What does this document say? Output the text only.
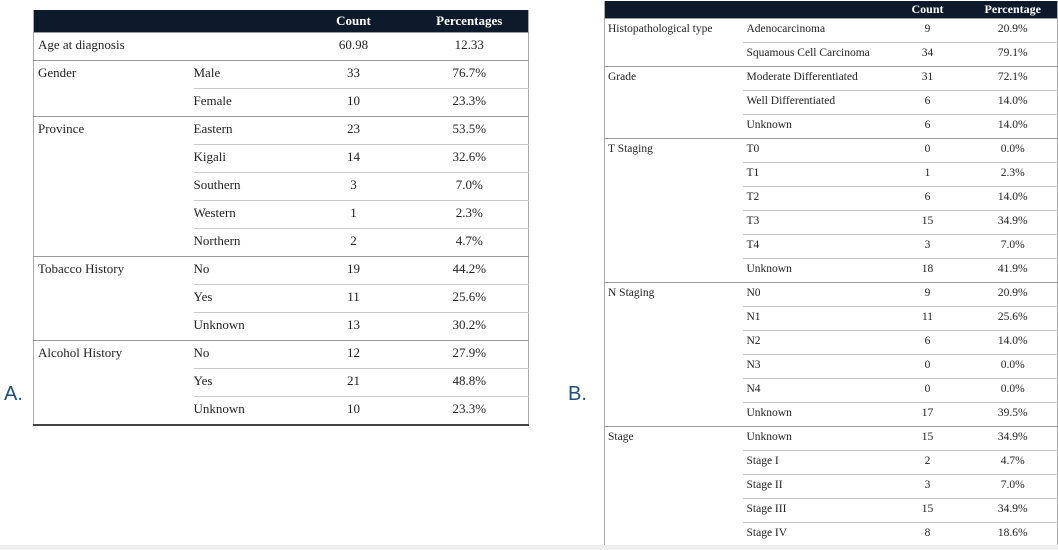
A.	B.
		Count	Percentages
Age at diagnosis		60.98	12.33
Gender	Male	33	76.7%
	Female	10	23.3%
Province	Eastern	23	53.5%
	Kigali	14	32.6%
	Southern	3	7.0%
	Western	1	2.3%
	Northern	2	4.7%
Tobacco History	No	19	44.2%
	Yes	11	25.6%
	Unknown	13	30.2%
Alcohol History	No	12	27.9%
	Yes	21	48.8%
	Unknown	10	23.3%
		Count	Percentage
Histopathological type	Adenocarcinoma	9	20.9%
	Squamous Cell Carcinoma	34	79.1%
Grade	Moderate Differentiated	31	72.1%
	Well Differentiated	6	14.0%
	Unknown	6	14.0%
T Staging	T0	0	0.0%
	T1	1	2.3%
	T2	6	14.0%
	T3	15	34.9%
	T4	3	7.0%
	Unknown	18	41.9%
N Staging	N0	9	20.9%
	N1	11	25.6%
	N2	6	14.0%
	N3	0	0.0%
	N4	0	0.0%
	Unknown	17	39.5%
Stage	Unknown	15	34.9%
	Stage I	2	4.7%
	Stage II	3	7.0%
	Stage III	15	34.9%
	Stage IV	8	18.6%
